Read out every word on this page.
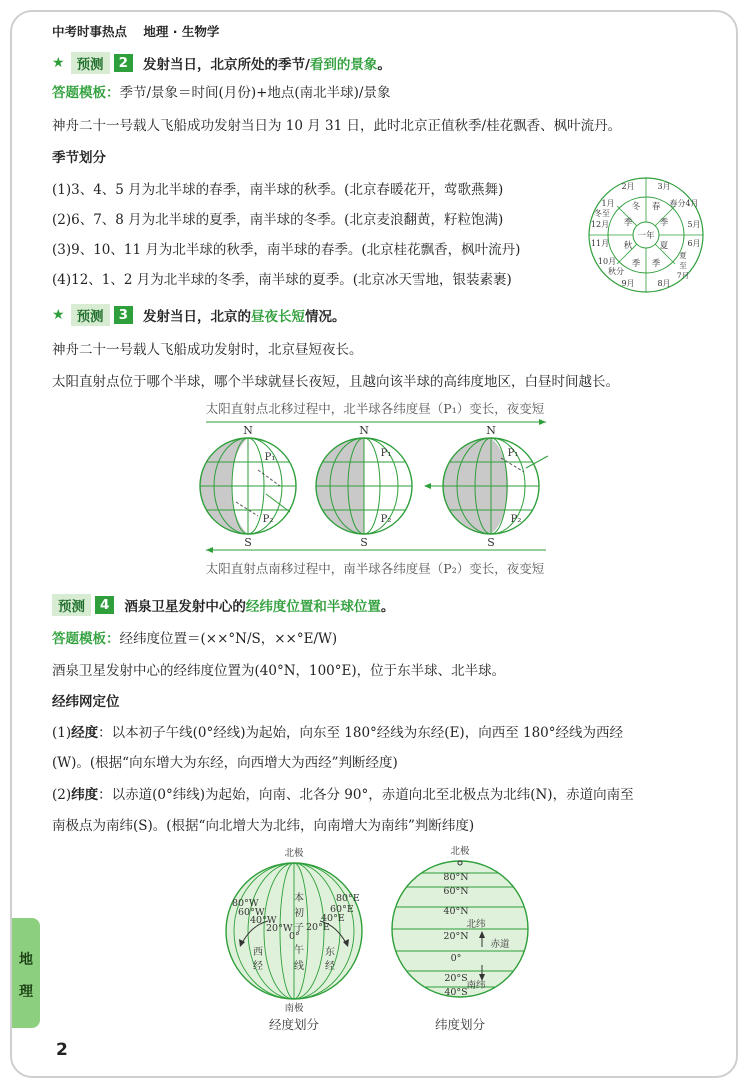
中考时事热点 地理 · 生物学
★ 预测	2	发射当日，北京所处的季节/ 看到的景象 。
答题模板：季节/景象＝时间(月份)+地点(南北半球)/景象
神舟二十一号载人飞船成功发射当日为 10 月 31 日，此时北京正值秋季/桂花飘香、枫叶流丹。
季节划分
(1)3、4、5 月为北半球的春季，南半球的秋季。(北京春暖花开，莺歌燕舞)
(2)6、7、8 月为北半球的夏季，南半球的冬季。(北京麦浪翻黄，籽粒饱满)
(3)9、10、11 月为北半球的秋季，南半球的春季。(北京桂花飘香，枫叶流丹)
(4)12、1、2 月为北半球的冬季，南半球的夏季。(北京冰天雪地，银装素裹)
一年
冬 春
季	季
秋	夏
季 季
2月	3月
春分4月
5月
6月
夏至 7月
8月
9月
秋分
10月
11月
12月
冬至
1月
★ 预测	3	发射当日，北京的 昼夜长短 情况。
神舟二十一号载人飞船成功发射时，北京昼短夜长。
太阳直射点位于哪个半球，哪个半球就昼长夜短，且越向该半球的高纬度地区，白昼时间越长。
太阳直射点北移过程中，北半球各纬度昼（P₁）变长，夜变短
N	N	N
S	S	S
P₁	P₁	P₁
P₂	P₂	P₂
太阳直射点南移过程中，南半球各纬度昼（P₂）变长，夜变短
预测	4	酒泉卫星发射中心的 经纬度位置和半球位置 。
答题模板：经纬度位置＝(××°N/S，××°E/W)
酒泉卫星发射中心的经纬度位置为(40°N，100°E)，位于东半球、北半球。
经纬网定位
(1)经度：以本初子午线(0°经线)为起始，向东至 180°经线为东经(E)，向西至 180°经线为西经
(W)。(根据“向东增大为东经，向西增大为西经”判断经度)
(2)纬度：以赤道(0°纬线)为起始，向南、北各分 90°，赤道向北至北极点为北纬(N)，赤道向南至
南极点为南纬(S)。(根据“向北增大为北纬，向南增大为南纬”判断纬度)
北极
南极
80°W
60°W
40°W
20°W
80°E
60°E
40°E
20°E
0°
本
初
子
午
线
西
经
东
经
经度划分
北极
80°N
60°N
40°N
20°N
0°
20°S
40°S
北纬
赤道
南纬
纬度划分
地
理
2
